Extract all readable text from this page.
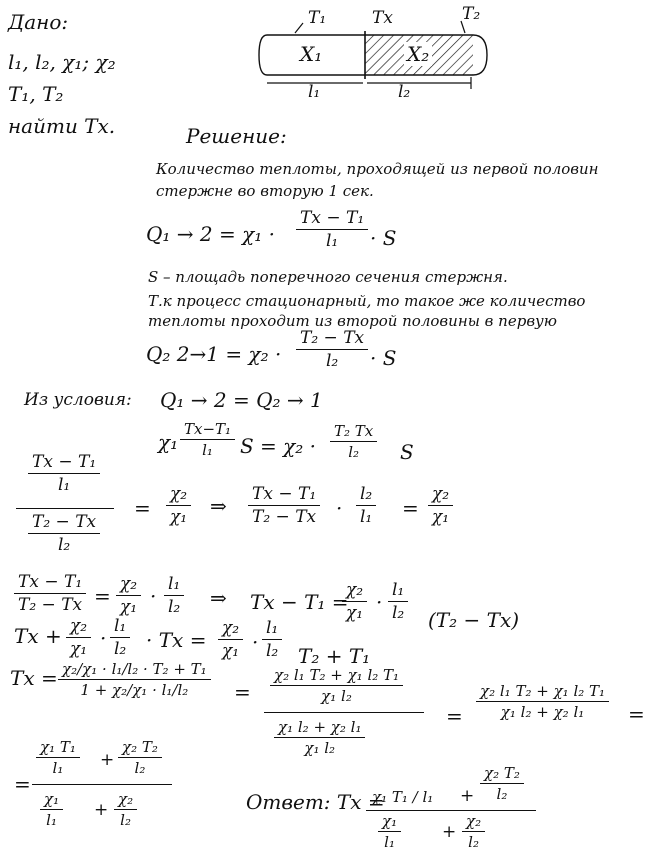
Дано:
l₁, l₂, χ₁; χ₂
T₁, T₂
найти Tx.
T₁	Tx	T₂
X₁	X₂
l₁	l₂
Решение:
Количество теплоты, проходящей из первой половин
стержне во вторую 1 сек.
Q₁ → 2 = χ₁ ·
Tx − T₁
l₁ · S
S – площадь поперечного сечения стержня.
Т.к процесс стационарный, то такое же количество
теплоты проходит из второй половины в первую
Q₂ 2→1 = χ₂ ·
T₂ − Tx
l₂ · S
Из условия: Q₁ → 2 = Q₂ → 1
χ₁
Tx−T₁
l₁ S = χ₂ ·
T₂ Tx
l₂ S
Tx − T₁
l₁
T₂ − Tx
l₂
=
χ₂
χ₁ ⇒ Tx − T₁
T₂ − Tx ·
l₂
l₁ =
χ₂
χ₁
Tx − T₁
T₂ − Tx = χ₂
χ₁ · l₁
l₂ ⇒ Tx − T₁ =
χ₂
χ₁ · l₁
l₂ (T₂ − Tx)
Tx + χ₂
χ₁ · l₁
l₂ · Tx = χ₂
χ₁ ·
l₁
l₂ T₂ + T₁
Tx = χ₂/χ₁ · l₁/l₂ · T₂ + T₁
1 + χ₂/χ₁ · l₁/l₂ =
χ₂ l₁ T₂ + χ₁ l₂ T₁
χ₁ l₂
χ₁ l₂ + χ₂ l₁
χ₁ l₂
=
χ₂ l₁ T₂ + χ₁ l₂ T₁
χ₁ l₂ + χ₂ l₁ =
=
χ₁ T₁
l₁ +
χ₂ T₂
l₂
χ₁
l₁ +
χ₂
l₂
Ответ: Tx =
χ₁ T₁ / l₁ +
χ₂ T₂
l₂
χ₁
l₁	+
χ₂
l₂
